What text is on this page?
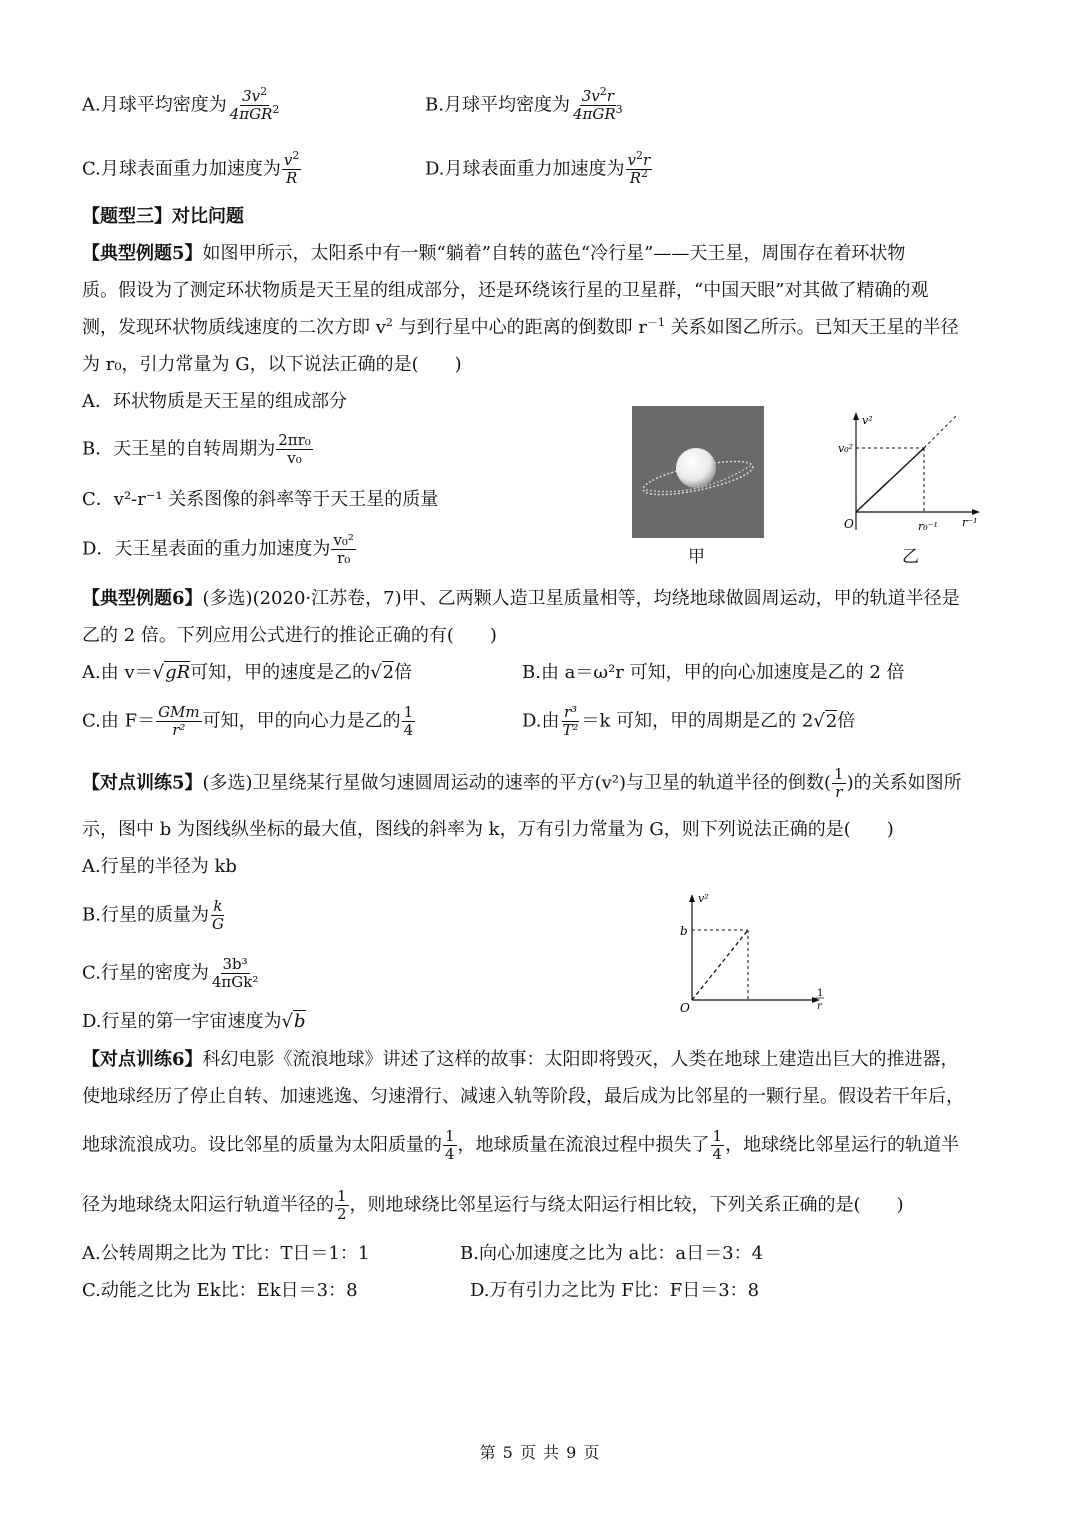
A.月球平均密度为 $3v^2$
4πGR$^2$	B.月球平均密度为 $3v^2r$
4πGR$^3$
C.月球表面重力加速度为 $\frac{v^2}{R}$	D.月球表面重力加速度为 $\frac{v^2r}{R^2}$
【题型三】对比问题
【典型例题5】如图甲所示，太阳系中有一颗“躺着”自转的蓝色“冷行星”——天王星，周围存在着环状物
质。假设为了测定环状物质是天王星的组成部分，还是环绕该行星的卫星群，“中国天眼”对其做了精确的观
测，发现环状物质线速度的二次方即 $v^2$ 与到行星中心的距离的倒数即 $r^{-1}$ 关系如图乙所示。已知天王星的半径
为 r₀，引力常量为 G，以下说法正确的是(　　)
A．环状物质是天王星的组成部分
B．天王星的自转周期为 $\frac{\text{2πr₀}}{\text{v₀}}$
C．v²-r⁻¹ 关系图像的斜率等于天王星的质量
D．天王星表面的重力加速度为 $\frac{\text{v₀²}}{\text{r₀}}$	甲
v²
v₀²
O	r₀⁻¹ r⁻¹
乙
【典型例题6】(多选)(2020·江苏卷，7)甲、乙两颗人造卫星质量相等，均绕地球做圆周运动，甲的轨道半径是
乙的 2 倍。下列应用公式进行的推论正确的有(　　)
A.由 v＝√gR可知，甲的速度是乙的√2倍	B.由 a＝ω²r 可知，甲的向心加速度是乙的 2 倍
C.由 F＝ GMm
r² 可知，甲的向心力是乙的 $\frac{1}{4}$	D.由 $\frac{\text{r³}}{\text{T²}} =k$ 可知，甲的周期是乙的 2√2倍
【对点训练5】(多选)卫星绕某行星做匀速圆周运动的速率的平方(v²)与卫星的轨道半径的倒数( $\frac{1}{r}$ )的关系如图所
示，图中 b 为图线纵坐标的最大值，图线的斜率为 k，万有引力常量为 G，则下列说法正确的是(　　)
A.行星的半径为 kb
B.行星的质量为 $\frac{k}{G}$
C.行星的密度为 3b³
4πGk²
D.行星的第一宇宙速度为√b
v²
b
O
1
r
【对点训练6】科幻电影《流浪地球》讲述了这样的故事：太阳即将毁灭，人类在地球上建造出巨大的推进器，
使地球经历了停止自转、加速逃逸、匀速滑行、减速入轨等阶段，最后成为比邻星的一颗行星。假设若干年后，
地球流浪成功。设比邻星的质量为太阳质量的 $\frac{1}{4}$ ，地球质量在流浪过程中损失了 $\frac{1}{4}$ ，地球绕比邻星运行的轨道半
径为地球绕太阳运行轨道半径的 $\frac{1}{2}$ ，则地球绕比邻星运行与绕太阳运行相比较，下列关系正确的是(　　)
A.公转周期之比为 T比：T日＝1：1	B.向心加速度之比为 a比：a日＝3：4
C.动能之比为 Ek比：Ek日＝3：8	D.万有引力之比为 F比：F日＝3：8
第 5 页 共 9 页
